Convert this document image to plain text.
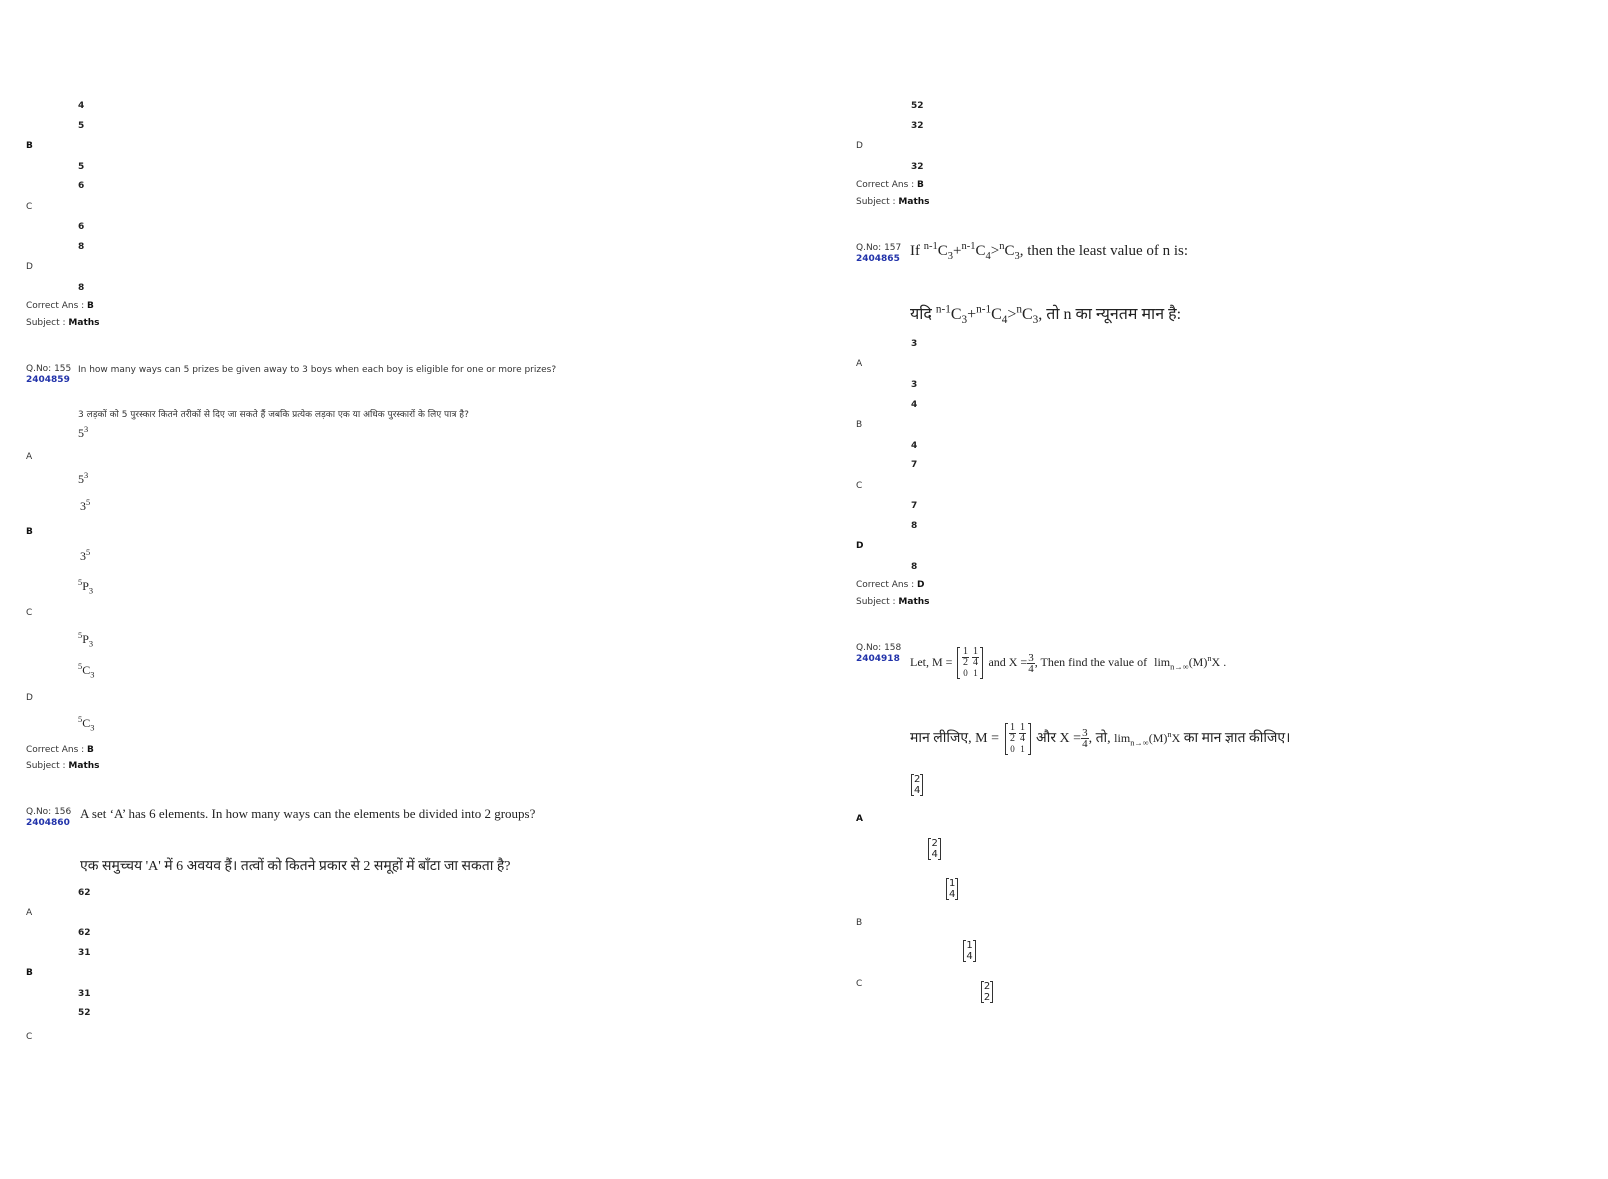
4
5
B
5
6
C
6
8
D
8
Correct Ans : B
Subject : Maths
Q.No: 155
2404859
In how many ways can 5 prizes be given away to 3 boys when each boy is eligible for one or more prizes?
3 लड़कों को 5 पुरस्कार कितने तरीकों से दिए जा सकते हैं जबकि प्रत्येक लड़का एक या अधिक पुरस्कारों के लिए पात्र है?
$5^3$
A
$5^3$
$3^5$
B
$3^5$
$^5P_3$
C
$^5P_3$
$^5C_3$
D
$^5C_3$
Correct Ans : B
Subject : Maths
Q.No: 156
2404860
A set ‘A’ has 6 elements. In how many ways can the elements be divided into 2 groups?
एक समुच्चय 'A' में 6 अवयव हैं। तत्वों को कितने प्रकार से 2 समूहों में बाँटा जा सकता है?
62
A
62
31
B
31
52
C
52
32
D
32
Correct Ans : B
Subject : Maths
Q.No: 157
2404865 If $^{n-1}C_3+^{n-1}C_4>^nC_3$, then the least value of n is:
यदि $^{n-1}C_3+^{n-1}C_4>^nC_3$, तो n का न्यूनतम मान है:
3
A
3
4
B
4
7
C
7
8
D
8
Correct Ans : D
Subject : Maths
Q.No: 158
2404918 Let, $M = \frac{1}{2} \frac{1}{4}$
0 1
and $X = \frac{3}{4}$ , Then find the value of $\lim_{n\to\infty}(M)^nX$ .
मान लीजिए, $M = \frac{1}{2} \frac{1}{4}$
0 1
और $X = \frac{3}{4}$ , तो, $\lim_{n\to\infty}(M)^nX$ का मान ज्ञात कीजिए।
2
4

A
2
4

1
4

B
1
4

C	2
2
